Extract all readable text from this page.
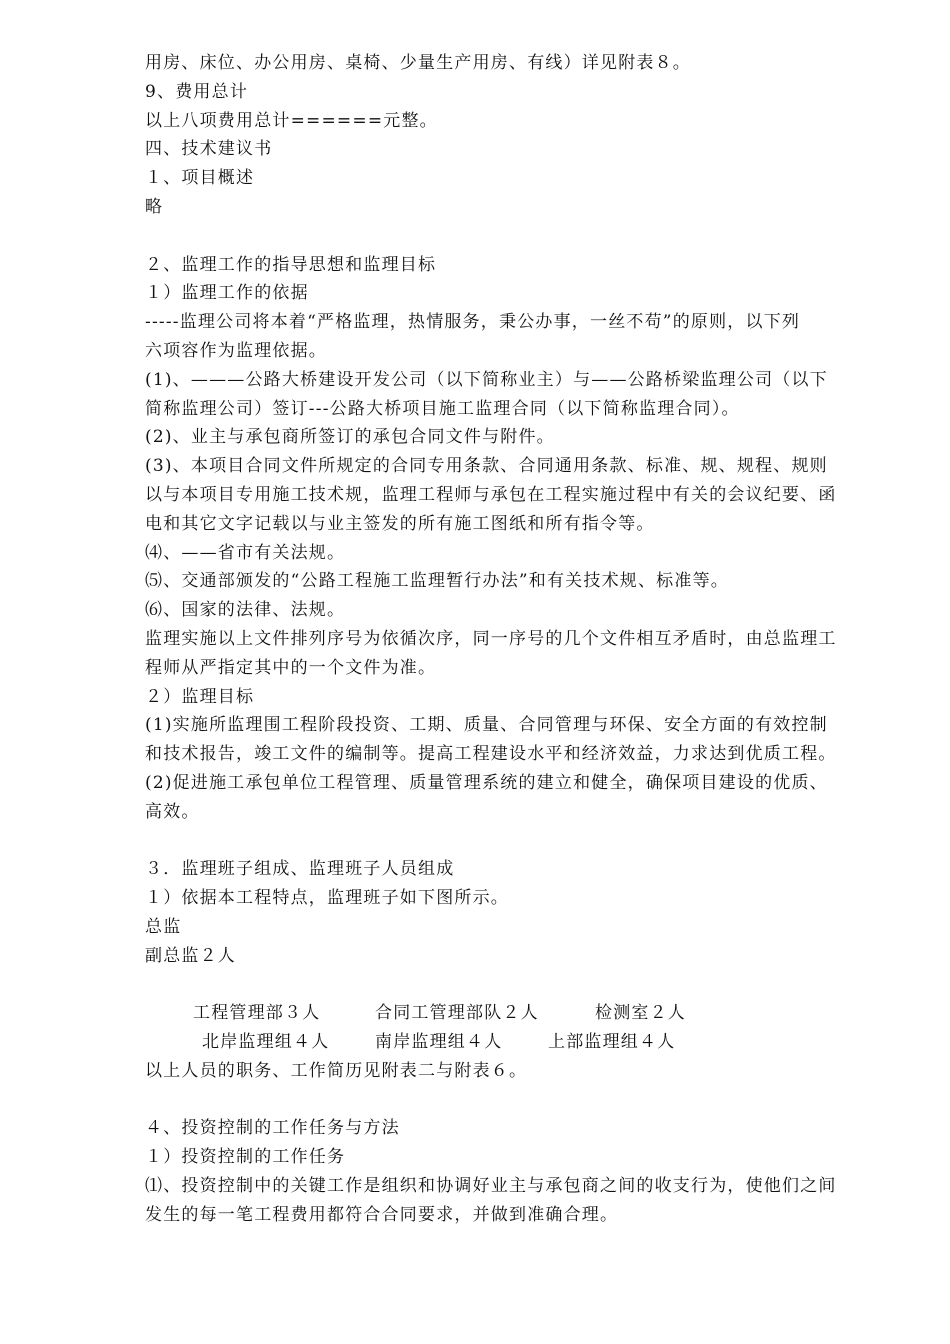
用房、床位、办公用房、桌椅、少量生产用房、有线）详见附表８。

9、费用总计

以上八项费用总计======元整。

四、技术建议书

１、项目概述

略

２、监理工作的指导思想和监理目标

１）监理工作的依据

-----监理公司将本着“严格监理，热情服务，秉公办事，一丝不苟”的原则，以下列

六项容作为监理依据。

(1)、———公路大桥建设开发公司（以下简称业主）与——公路桥梁监理公司（以下

简称监理公司）签订---公路大桥项目施工监理合同（以下简称监理合同）。

(2)、业主与承包商所签订的承包合同文件与附件。

(3)、本项目合同文件所规定的合同专用条款、合同通用条款、标准、规、规程、规则

以与本项目专用施工技术规，监理工程师与承包在工程实施过程中有关的会议纪要、函

电和其它文字记载以与业主签发的所有施工图纸和所有指令等。

⑷、——省市有关法规。

⑸、交通部颁发的“公路工程施工监理暂行办法”和有关技术规、标准等。

⑹、国家的法律、法规。

监理实施以上文件排列序号为依循次序，同一序号的几个文件相互矛盾时，由总监理工

程师从严指定其中的一个文件为准。

２）监理目标

(1)实施所监理围工程阶段投资、工期、质量、合同管理与环保、安全方面的有效控制

和技术报告，竣工文件的编制等。提高工程建设水平和经济效益，力求达到优质工程。

(2)促进施工承包单位工程管理、质量管理系统的建立和健全，确保项目建设的优质、

高效。

３．监理班子组成、监理班子人员组成

１）依据本工程特点，监理班子如下图所示。

总监

副总监２人

工程管理部３人

	合同工管理部队２人

	检测室２人

北岸监理组４人

	南岸监理组４人

	上部监理组４人

以上人员的职务、工作简历见附表二与附表６。

４、投资控制的工作任务与方法

１）投资控制的工作任务

⑴、投资控制中的关键工作是组织和协调好业主与承包商之间的收支行为，使他们之间

发生的每一笔工程费用都符合合同要求，并做到准确合理。
